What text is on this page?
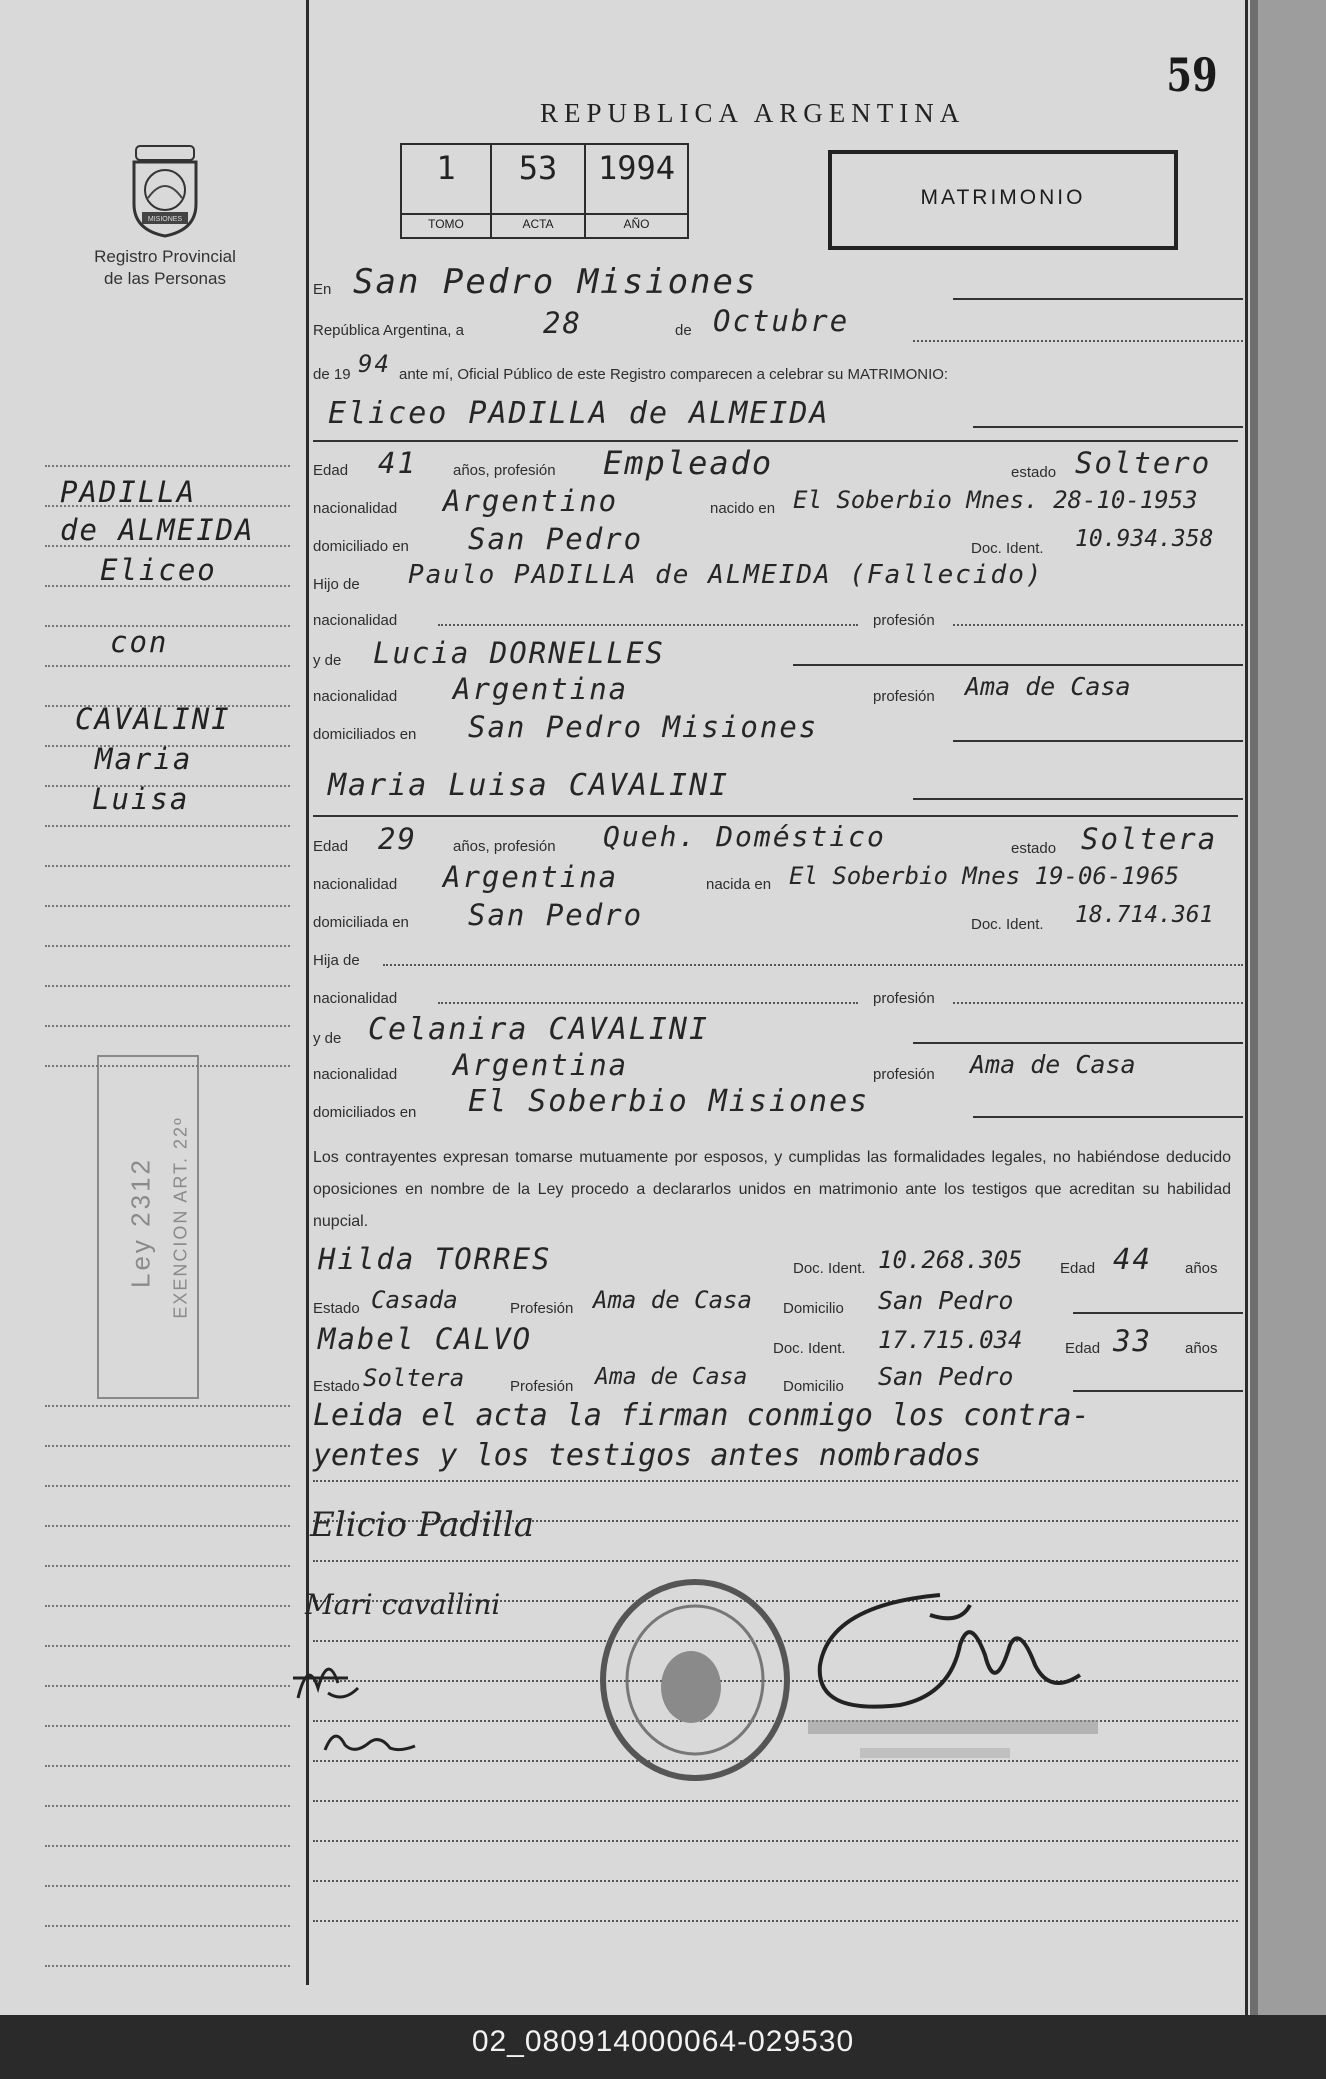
59
REPUBLICA ARGENTINA
MISIONES
Registro Provincial
de las Personas
1
TOMO
53
ACTA
1994
AÑO
MATRIMONIO
En San Pedro Misiones
República Argentina, a	28	de Octubre
de 19 94 ante mí, Oficial Público de este Registro comparecen a celebrar su MATRIMONIO:
Eliceo PADILLA de ALMEIDA
Edad 41 años, profesión Empleado	estado Soltero
nacionalidad Argentino	nacido en El Soberbio Mnes. 28-10-1953
domiciliado en San Pedro	Doc. Ident. 10.934.358
Hijo de Paulo PADILLA de ALMEIDA (Fallecido)
nacionalidad	profesión
y de Lucia DORNELLES
nacionalidad Argentina	profesión Ama de Casa
domiciliados en San Pedro Misiones
Maria Luisa CAVALINI
Edad 29 años, profesión Queh. Doméstico	estado Soltera
nacionalidad Argentina	nacida en El Soberbio Mnes 19-06-1965
domiciliada en San Pedro	Doc. Ident. 18.714.361
Hija de
nacionalidad	profesión
y de Celanira CAVALINI
nacionalidad Argentina	profesión Ama de Casa
domiciliados en El Soberbio Misiones
Los contrayentes expresan tomarse mutuamente por esposos, y cumplidas las formalidades legales, no habiéndose deducido oposiciones en nombre de la Ley procedo a declararlos unidos en matrimonio ante los testigos que acreditan su habilidad nupcial.
Hilda TORRES	Doc. Ident. 10.268.305	Edad 44 años
Estado Casada	Profesión Ama de Casa Domicilio San Pedro
Mabel CALVO	Doc. Ident. 17.715.034	Edad 33 años
Estado Soltera	Profesión Ama de Casa Domicilio San Pedro
Leida el acta la firman conmigo los contra-
yentes y los testigos antes nombrados
Elicio Padilla
Mari cavallini
Ley 2312 EXENCION ART. 22º
PADILLA
de ALMEIDA
Eliceo
con
CAVALINI
Maria
Luisa
02_080914000064-029530
